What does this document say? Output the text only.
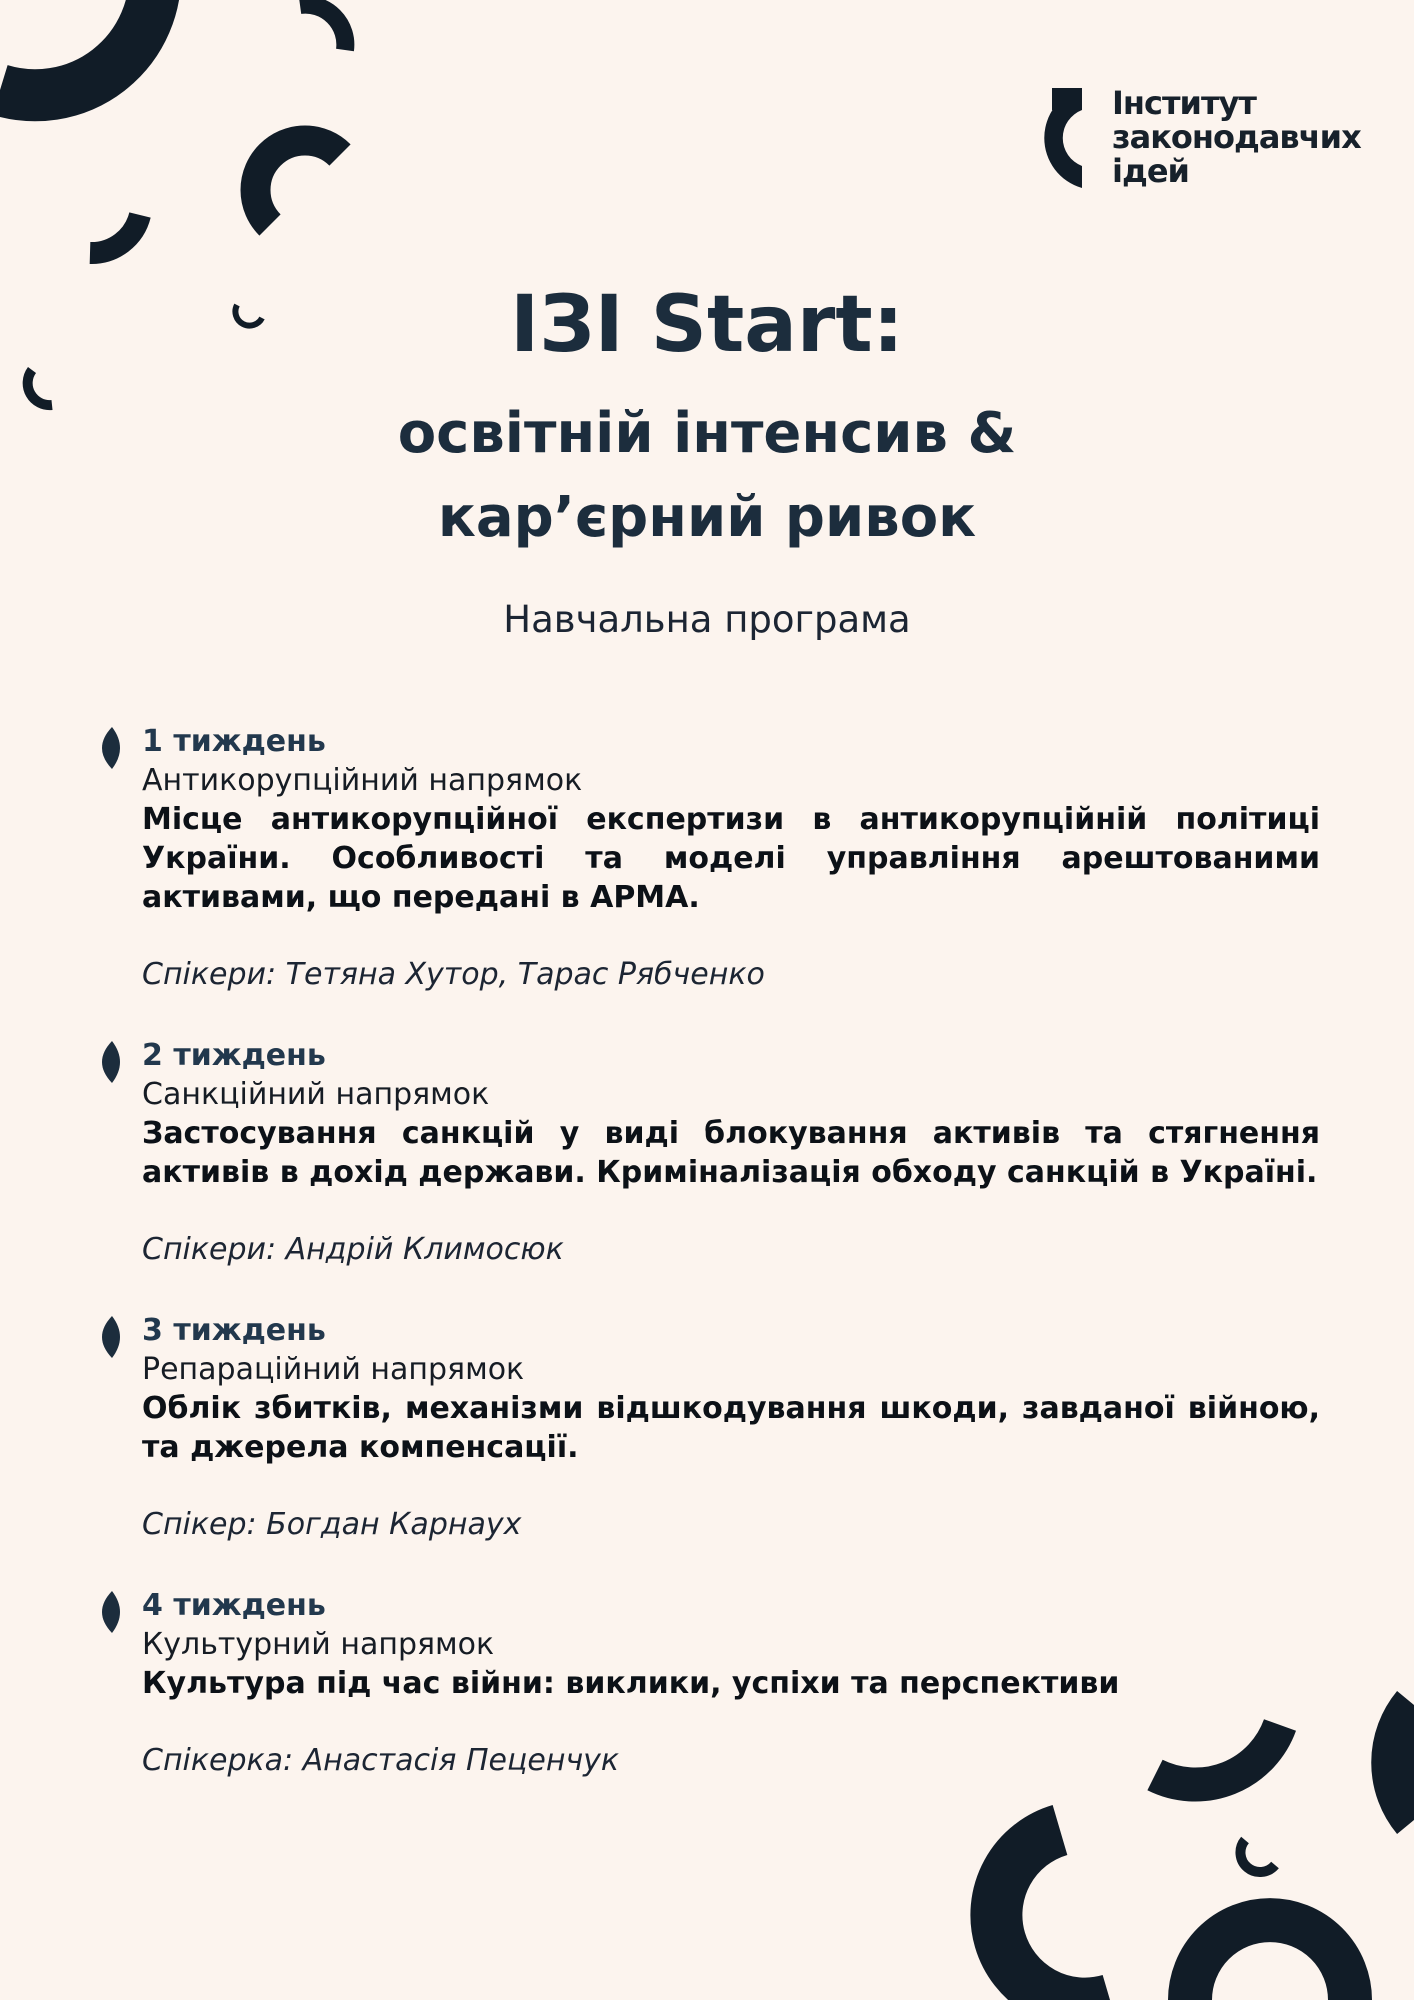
Інститут
законодавчих
ідей
ІЗІ Start:
освітній інтенсив &
кар’єрний ривок
Навчальна програма
1 тиждень
Антикорупційний напрямок
Місце антикорупційної експертизи в антикорупційній політиці України. Особливості та моделі управління арештованими активами, що передані в АРМА.
Спікери: Тетяна Хутор, Тарас Рябченко
2 тиждень
Санкційний напрямок
Застосування санкцій у виді блокування активів та стягнення активів в дохід держави. Криміналізація обходу санкцій в Україні.
Спікери: Андрій Климосюк
3 тиждень
Репараційний напрямок
Облік збитків, механізми відшкодування шкоди, завданої війною, та джерела компенсації.
Спікер: Богдан Карнаух
4 тиждень
Культурний напрямок
Культура під час війни: виклики, успіхи та перспективи
Спікерка: Анастасія Пеценчук
